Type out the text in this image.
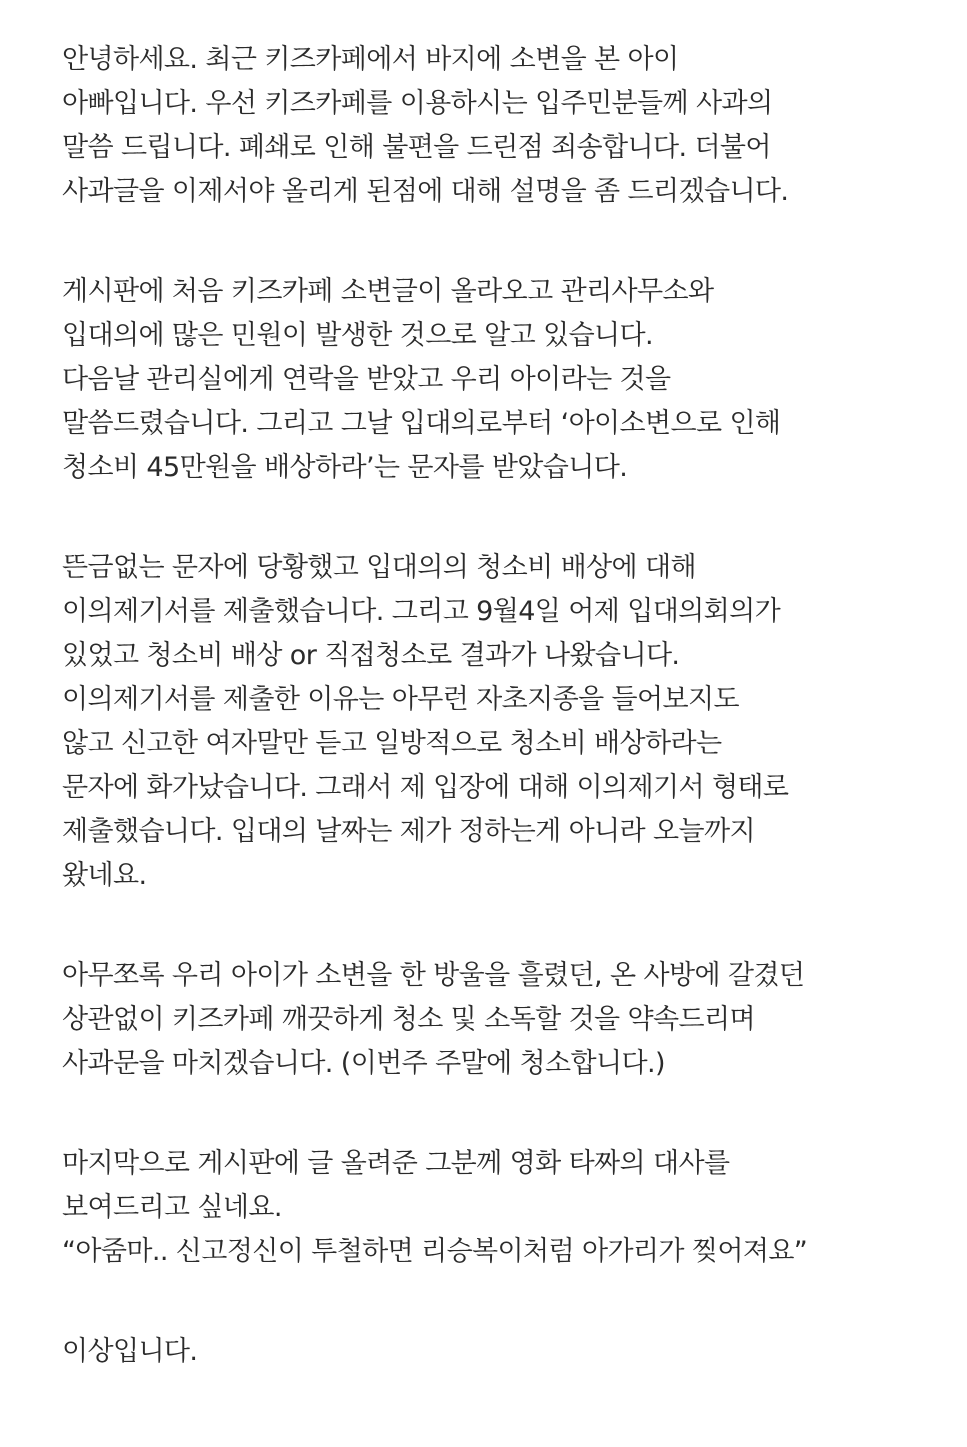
안녕하세요. 최근 키즈카페에서 바지에 소변을 본 아이
아빠입니다. 우선 키즈카페를 이용하시는 입주민분들께 사과의
말씀 드립니다. 폐쇄로 인해 불편을 드린점 죄송합니다. 더불어
사과글을 이제서야 올리게 된점에 대해 설명을 좀 드리겠습니다.
게시판에 처음 키즈카페 소변글이 올라오고 관리사무소와
입대의에 많은 민원이 발생한 것으로 알고 있습니다.
다음날 관리실에게 연락을 받았고 우리 아이라는 것을
말씀드렸습니다. 그리고 그날 입대의로부터 ‘아이소변으로 인해
청소비 45만원을 배상하라’는 문자를 받았습니다.
뜬금없는 문자에 당황했고 입대의의 청소비 배상에 대해
이의제기서를 제출했습니다. 그리고 9월4일 어제 입대의회의가
있었고 청소비 배상 or 직접청소로 결과가 나왔습니다.
이의제기서를 제출한 이유는 아무런 자초지종을 들어보지도
않고 신고한 여자말만 듣고 일방적으로 청소비 배상하라는
문자에 화가났습니다. 그래서 제 입장에 대해 이의제기서 형태로
제출했습니다. 입대의 날짜는 제가 정하는게 아니라 오늘까지
왔네요.
아무쪼록 우리 아이가 소변을 한 방울을 흘렸던, 온 사방에 갈겼던
상관없이 키즈카페 깨끗하게 청소 및 소독할 것을 약속드리며
사과문을 마치겠습니다. (이번주 주말에 청소합니다.)
마지막으로 게시판에 글 올려준 그분께 영화 타짜의 대사를
보여드리고 싶네요.
“아줌마.. 신고정신이 투철하면 리승복이처럼 아가리가 찢어져요”
이상입니다.
